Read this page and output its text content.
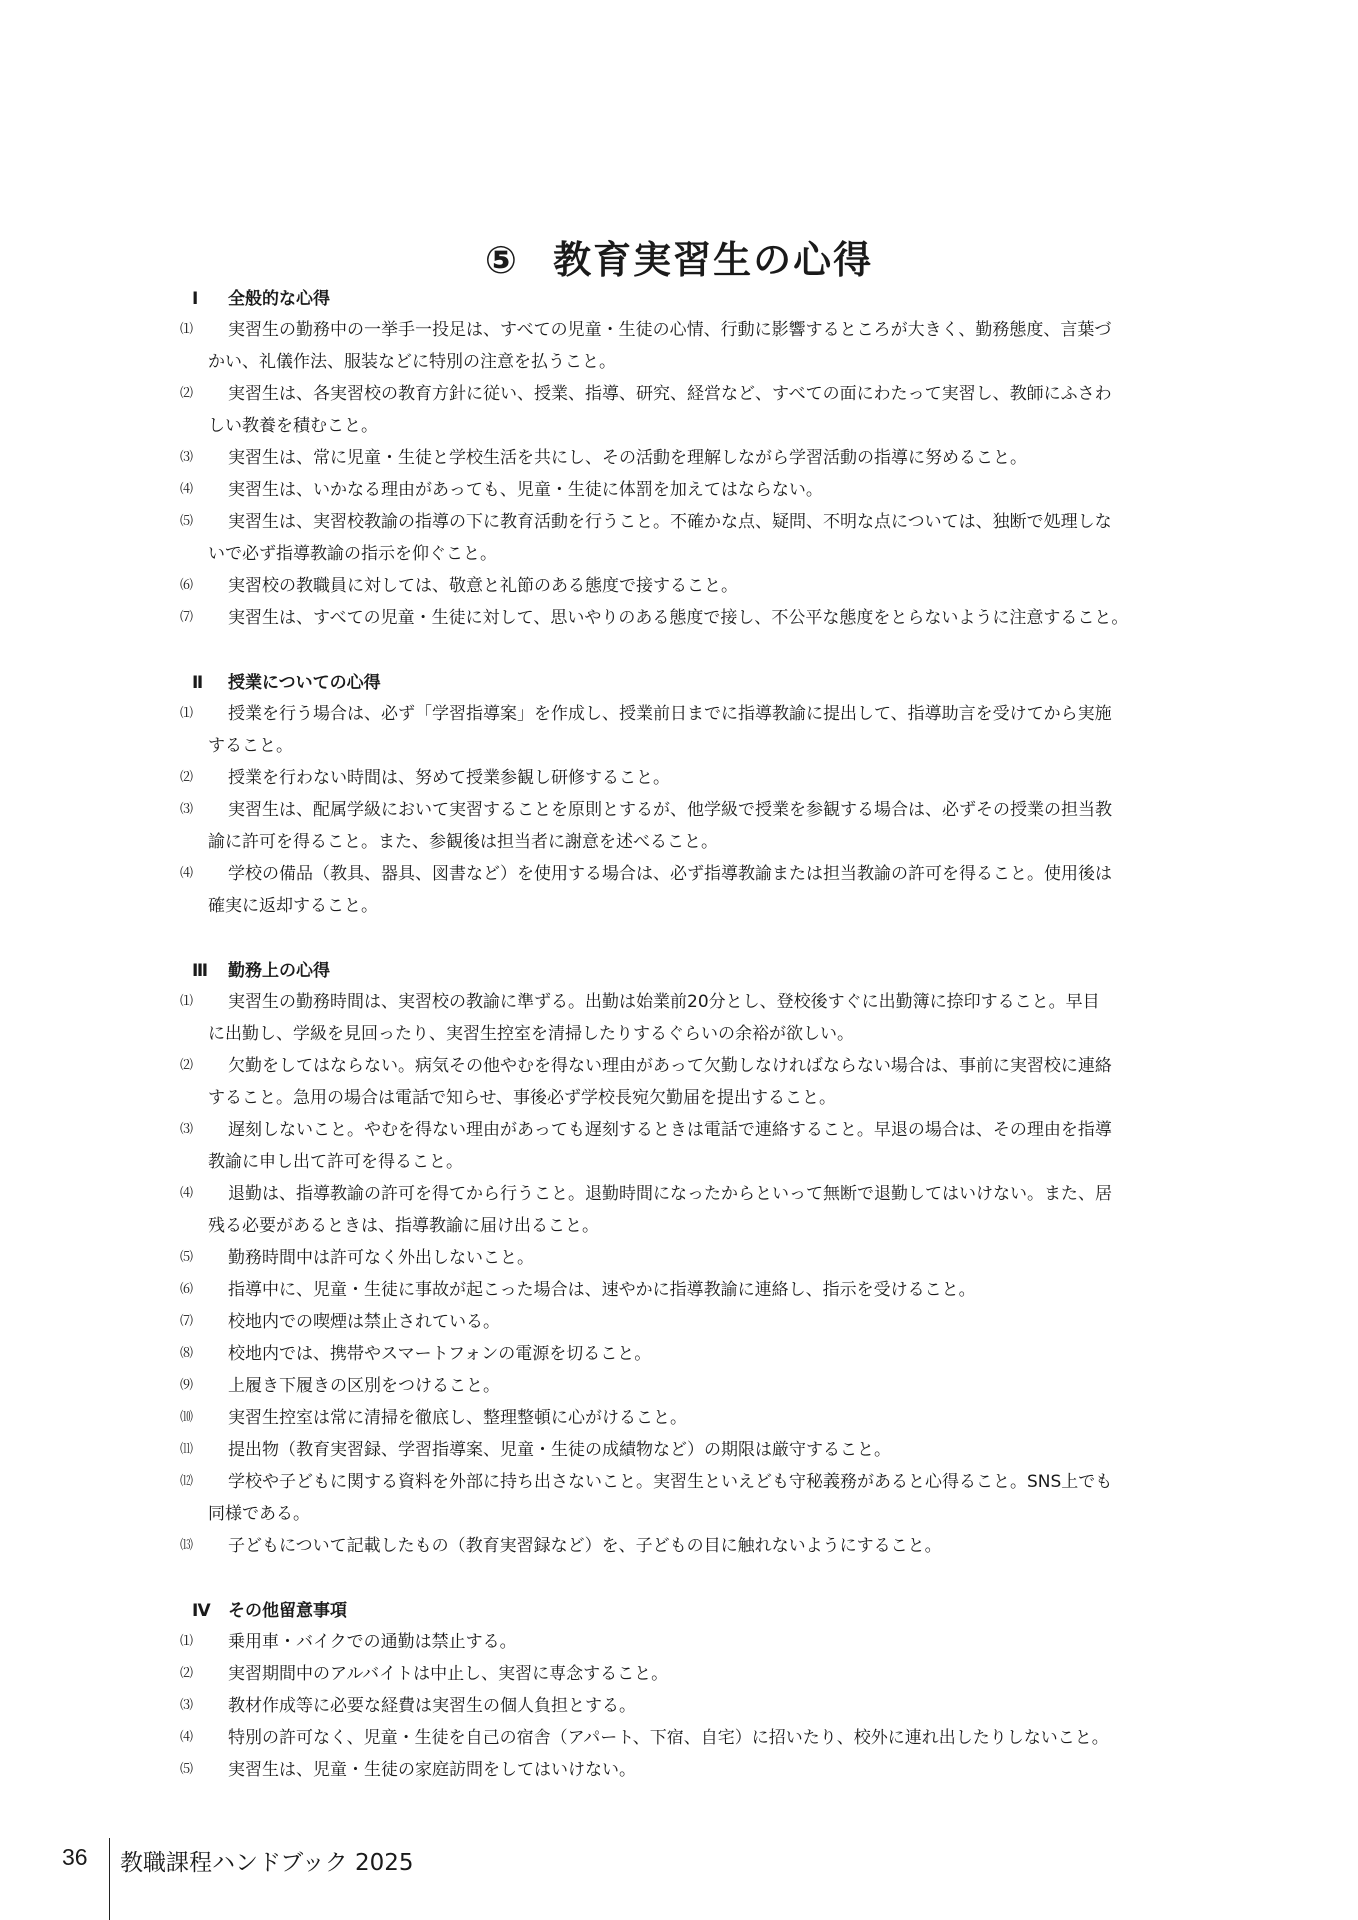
⑤ 教育実習生の心得
Ⅰ 全般的な心得
⑴	実習生の勤務中の一挙手一投足は、すべての児童・生徒の心情、行動に影響するところが大きく、勤務態度、言葉づ
かい、礼儀作法、服装などに特別の注意を払うこと。
⑵	実習生は、各実習校の教育方針に従い、授業、指導、研究、経営など、すべての面にわたって実習し、教師にふさわ
しい教養を積むこと。
⑶	実習生は、常に児童・生徒と学校生活を共にし、その活動を理解しながら学習活動の指導に努めること。
⑷	実習生は、いかなる理由があっても、児童・生徒に体罰を加えてはならない。
⑸	実習生は、実習校教諭の指導の下に教育活動を行うこと。不確かな点、疑問、不明な点については、独断で処理しな
いで必ず指導教諭の指示を仰ぐこと。
⑹	実習校の教職員に対しては、敬意と礼節のある態度で接すること。
⑺	実習生は、すべての児童・生徒に対して、思いやりのある態度で接し、不公平な態度をとらないように注意すること。
Ⅱ 授業についての心得
⑴	授業を行う場合は、必ず「学習指導案」を作成し、授業前日までに指導教諭に提出して、指導助言を受けてから実施
すること。
⑵	授業を行わない時間は、努めて授業参観し研修すること。
⑶	実習生は、配属学級において実習することを原則とするが、他学級で授業を参観する場合は、必ずその授業の担当教
諭に許可を得ること。また、参観後は担当者に謝意を述べること。
⑷	学校の備品（教具、器具、図書など）を使用する場合は、必ず指導教諭または担当教諭の許可を得ること。使用後は
確実に返却すること。
Ⅲ 勤務上の心得
⑴	実習生の勤務時間は、実習校の教諭に準ずる。出勤は始業前20分とし、登校後すぐに出勤簿に捺印すること。早目
に出勤し、学級を見回ったり、実習生控室を清掃したりするぐらいの余裕が欲しい。
⑵	欠勤をしてはならない。病気その他やむを得ない理由があって欠勤しなければならない場合は、事前に実習校に連絡
すること。急用の場合は電話で知らせ、事後必ず学校長宛欠勤届を提出すること。
⑶	遅刻しないこと。やむを得ない理由があっても遅刻するときは電話で連絡すること。早退の場合は、その理由を指導
教諭に申し出て許可を得ること。
⑷	退勤は、指導教諭の許可を得てから行うこと。退勤時間になったからといって無断で退勤してはいけない。また、居
残る必要があるときは、指導教諭に届け出ること。
⑸	勤務時間中は許可なく外出しないこと。
⑹	指導中に、児童・生徒に事故が起こった場合は、速やかに指導教諭に連絡し、指示を受けること。
⑺	校地内での喫煙は禁止されている。
⑻	校地内では、携帯やスマートフォンの電源を切ること。
⑼	上履き下履きの区別をつけること。
⑽	実習生控室は常に清掃を徹底し、整理整頓に心がけること。
⑾	提出物（教育実習録、学習指導案、児童・生徒の成績物など）の期限は厳守すること。
⑿	学校や子どもに関する資料を外部に持ち出さないこと。実習生といえども守秘義務があると心得ること。SNS上でも
同様である。
⒀	子どもについて記載したもの（教育実習録など）を、子どもの目に触れないようにすること。
Ⅳ その他留意事項
⑴	乗用車・バイクでの通勤は禁止する。
⑵	実習期間中のアルバイトは中止し、実習に専念すること。
⑶	教材作成等に必要な経費は実習生の個人負担とする。
⑷	特別の許可なく、児童・生徒を自己の宿舎（アパート、下宿、自宅）に招いたり、校外に連れ出したりしないこと。
⑸	実習生は、児童・生徒の家庭訪問をしてはいけない。
36 教職課程ハンドブック 2025
